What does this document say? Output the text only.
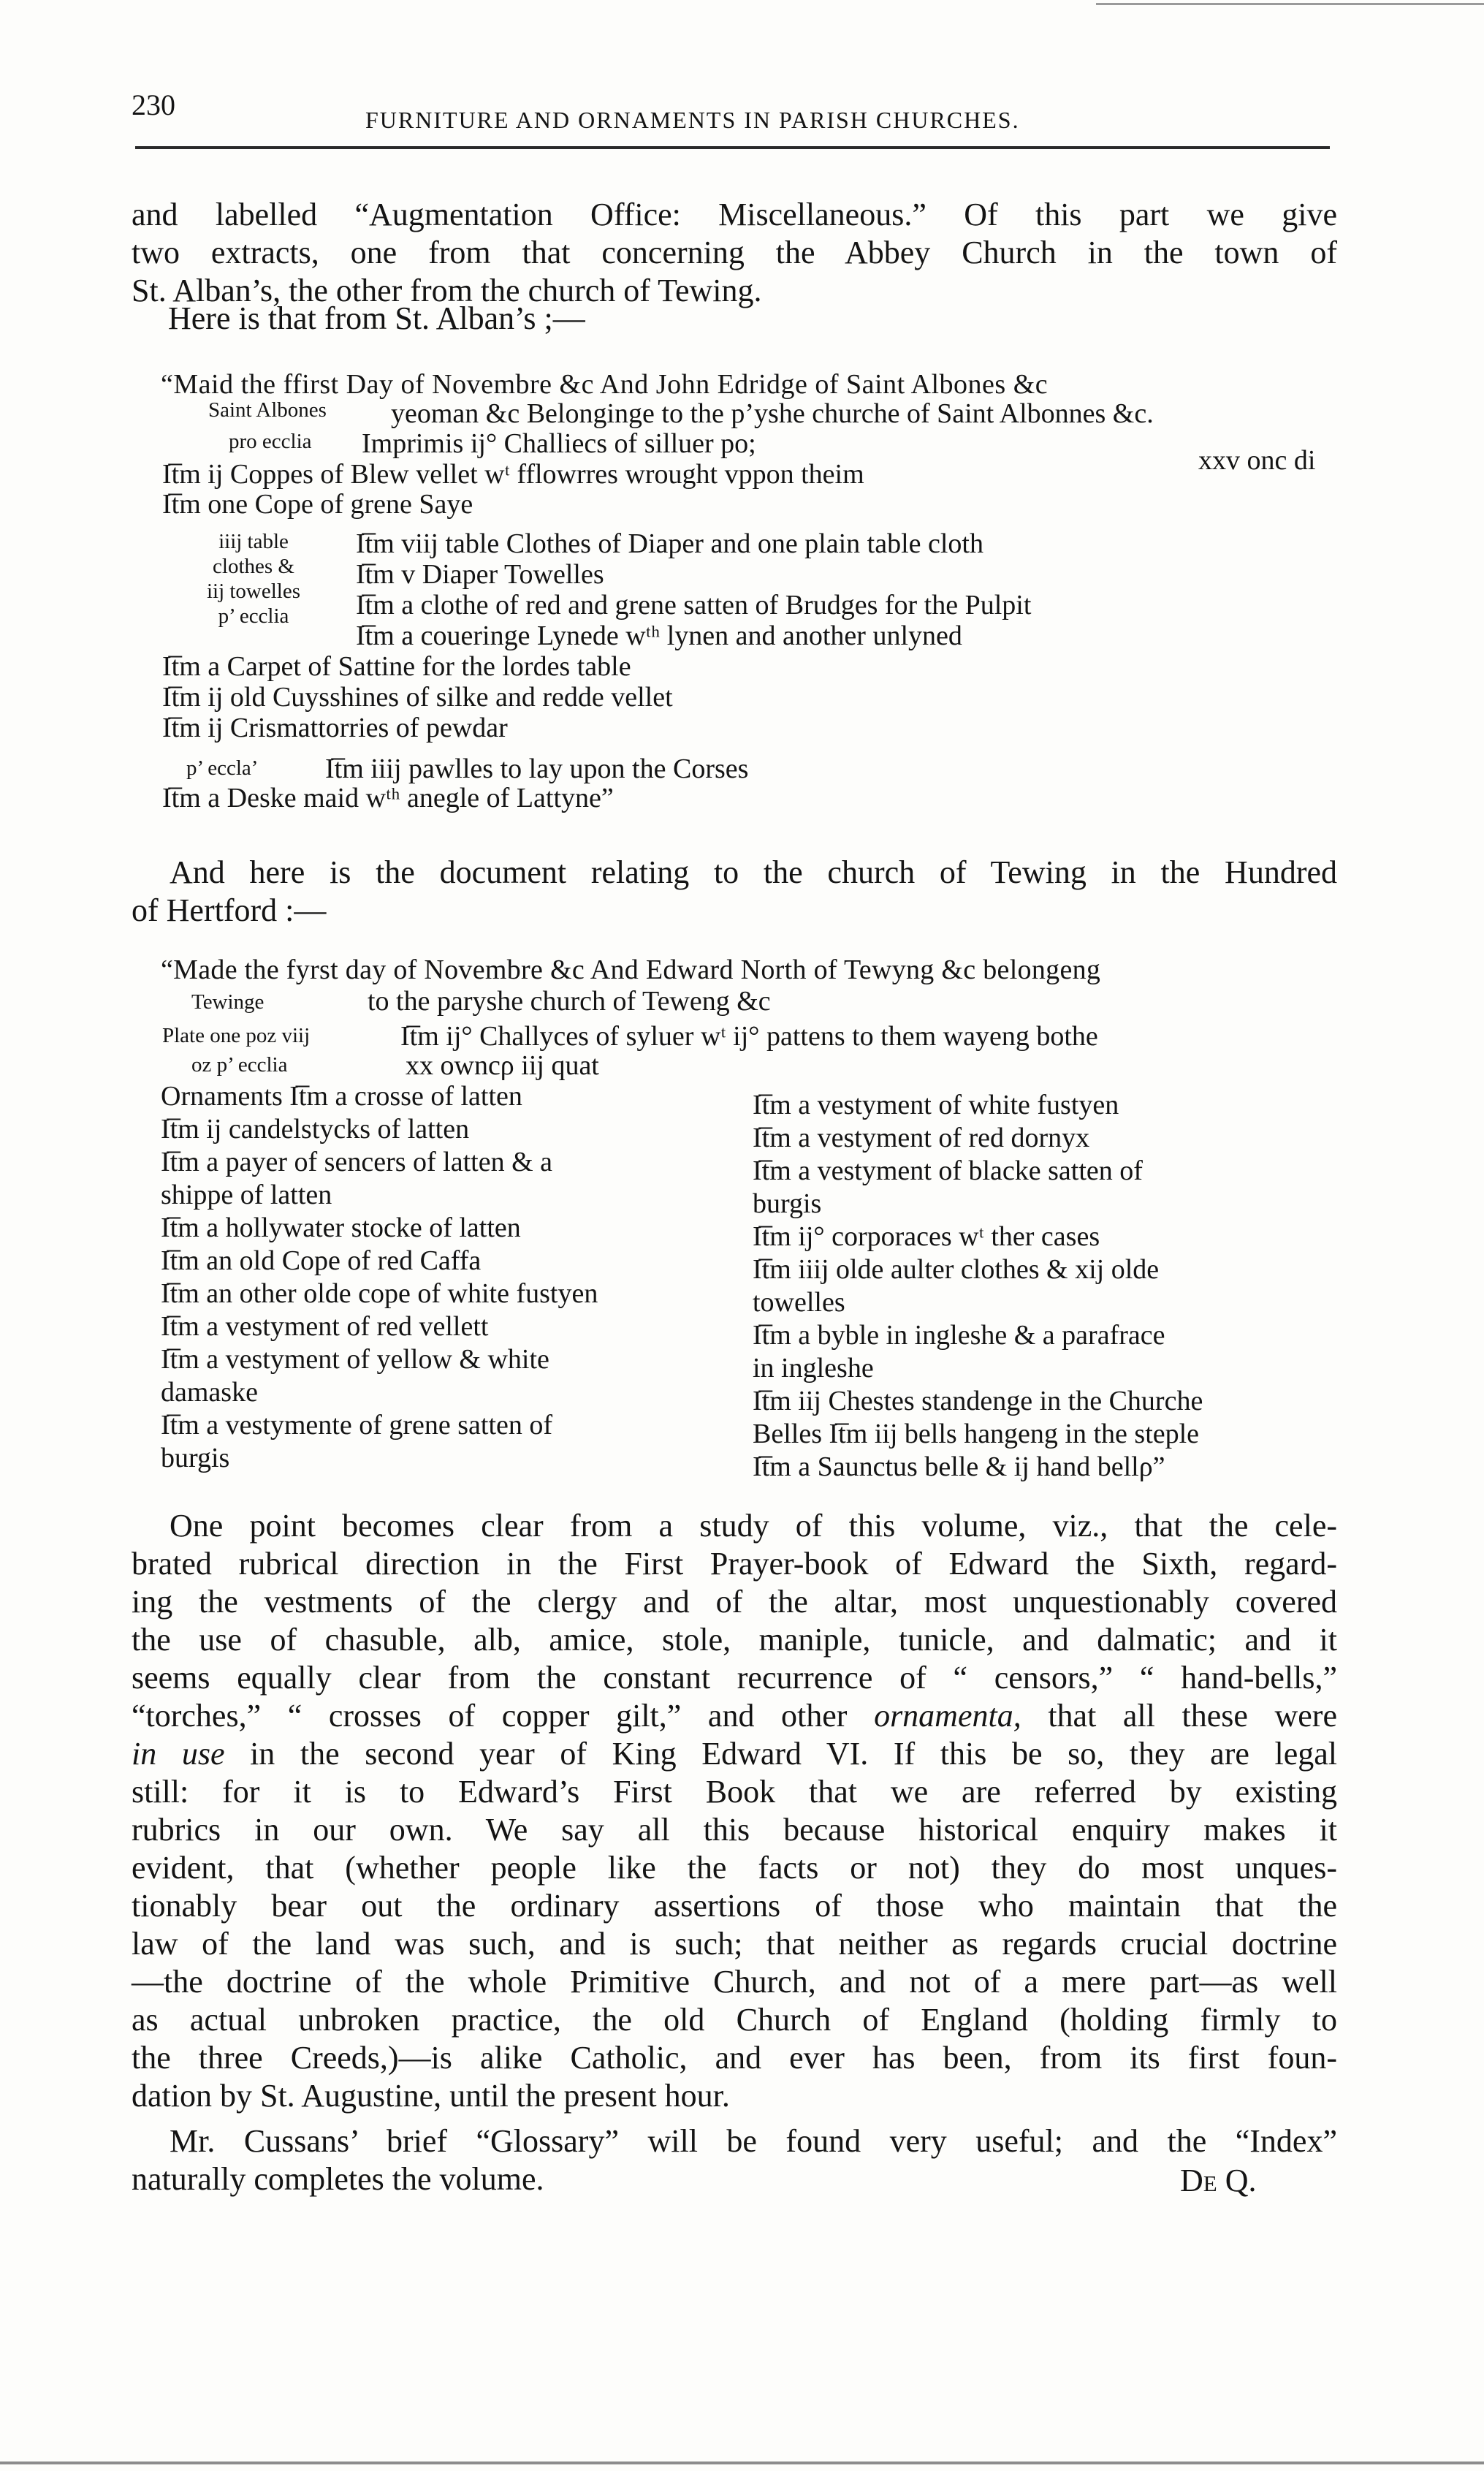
230	FURNITURE AND ORNAMENTS IN PARISH CHURCHES.
and labelled “Augmentation Office: Miscellaneous.” Of this part we give
two extracts, one from that concerning the Abbey Church in the town of
St. Alban’s, the other from the church of Tewing.
Here is that from St. Alban’s ;—
“Maid the ffirst Day of Novembre &c And John Edridge of Saint Albones &c
Saint Albones yeoman &c Belonginge to the p’yshe churche of Saint Albonnes &c.
pro ecclia Imprimis ij° Challiecs of silluer po;
xxv onc di
It̅m ij Coppes of Blew vellet wᵗ fflowrres wrought vppon theim
It̅m one Cope of grene Saye
iiij table
clothes &
iij towelles
p’ ecclia
It̅m viij table Clothes of Diaper and one plain table cloth
It̅m v Diaper Towelles
It̅m a clothe of red and grene satten of Brudges for the Pulpit
It̅m a coueringe Lynede wᵗʰ lynen and another unlyned
It̅m a Carpet of Sattine for the lordes table
It̅m ij old Cuysshines of silke and redde vellet
It̅m ij Crismattorries of pewdar
p’ eccla’ It̅m iiij pawlles to lay upon the Corses
It̅m a Deske maid wᵗʰ anegle of Lattyne”
And here is the document relating to the church of Tewing in the Hundred
of Hertford :—
“Made the fyrst day of Novembre &c And Edward North of Tewyng &c belongeng
Tewinge	to the paryshe church of Teweng &c
Plate one poz viij	It̅m ij° Challyces of syluer wᵗ ij° pattens to them wayeng bothe
oz p’ ecclia	xx owncρ iij quat
Ornaments It̅m a crosse of latten
It̅m ij candelstycks of latten
It̅m a payer of sencers of latten & a
shippe of latten
It̅m a hollywater stocke of latten
It̅m an old Cope of red Caffa
It̅m an other olde cope of white fustyen
It̅m a vestyment of red vellett
It̅m a vestyment of yellow & white
damaske
It̅m a vestymente of grene satten of
burgis
It̅m a vestyment of white fustyen
It̅m a vestyment of red dornyx
It̅m a vestyment of blacke satten of
burgis
It̅m ij° corporaces wᵗ ther cases
It̅m iiij olde aulter clothes & xij olde
towelles
It̅m a byble in ingleshe & a parafrace
in ingleshe
It̅m iij Chestes standenge in the Churche
Belles It̅m iij bells hangeng in the steple
It̅m a Saunctus belle & ij hand bellρ”
One point becomes clear from a study of this volume, viz., that the cele-
brated rubrical direction in the First Prayer-book of Edward the Sixth, regard-
ing the vestments of the clergy and of the altar, most unquestionably covered
the use of chasuble, alb, amice, stole, maniple, tunicle, and dalmatic; and it
seems equally clear from the constant recurrence of “ censors,” “ hand-bells,”
“torches,” “ crosses of copper gilt,” and other ornamenta, that all these were
in use in the second year of King Edward VI. If this be so, they are legal
still: for it is to Edward’s First Book that we are referred by existing
rubrics in our own. We say all this because historical enquiry makes it
evident, that (whether people like the facts or not) they do most unques-
tionably bear out the ordinary assertions of those who maintain that the
law of the land was such, and is such; that neither as regards crucial doctrine
—the doctrine of the whole Primitive Church, and not of a mere part—as well
as actual unbroken practice, the old Church of England (holding firmly to
the three Creeds,)—is alike Catholic, and ever has been, from its first foun-
dation by St. Augustine, until the present hour.
Mr. Cussans’ brief “Glossary” will be found very useful; and the “Index”
naturally completes the volume.	De Q.
